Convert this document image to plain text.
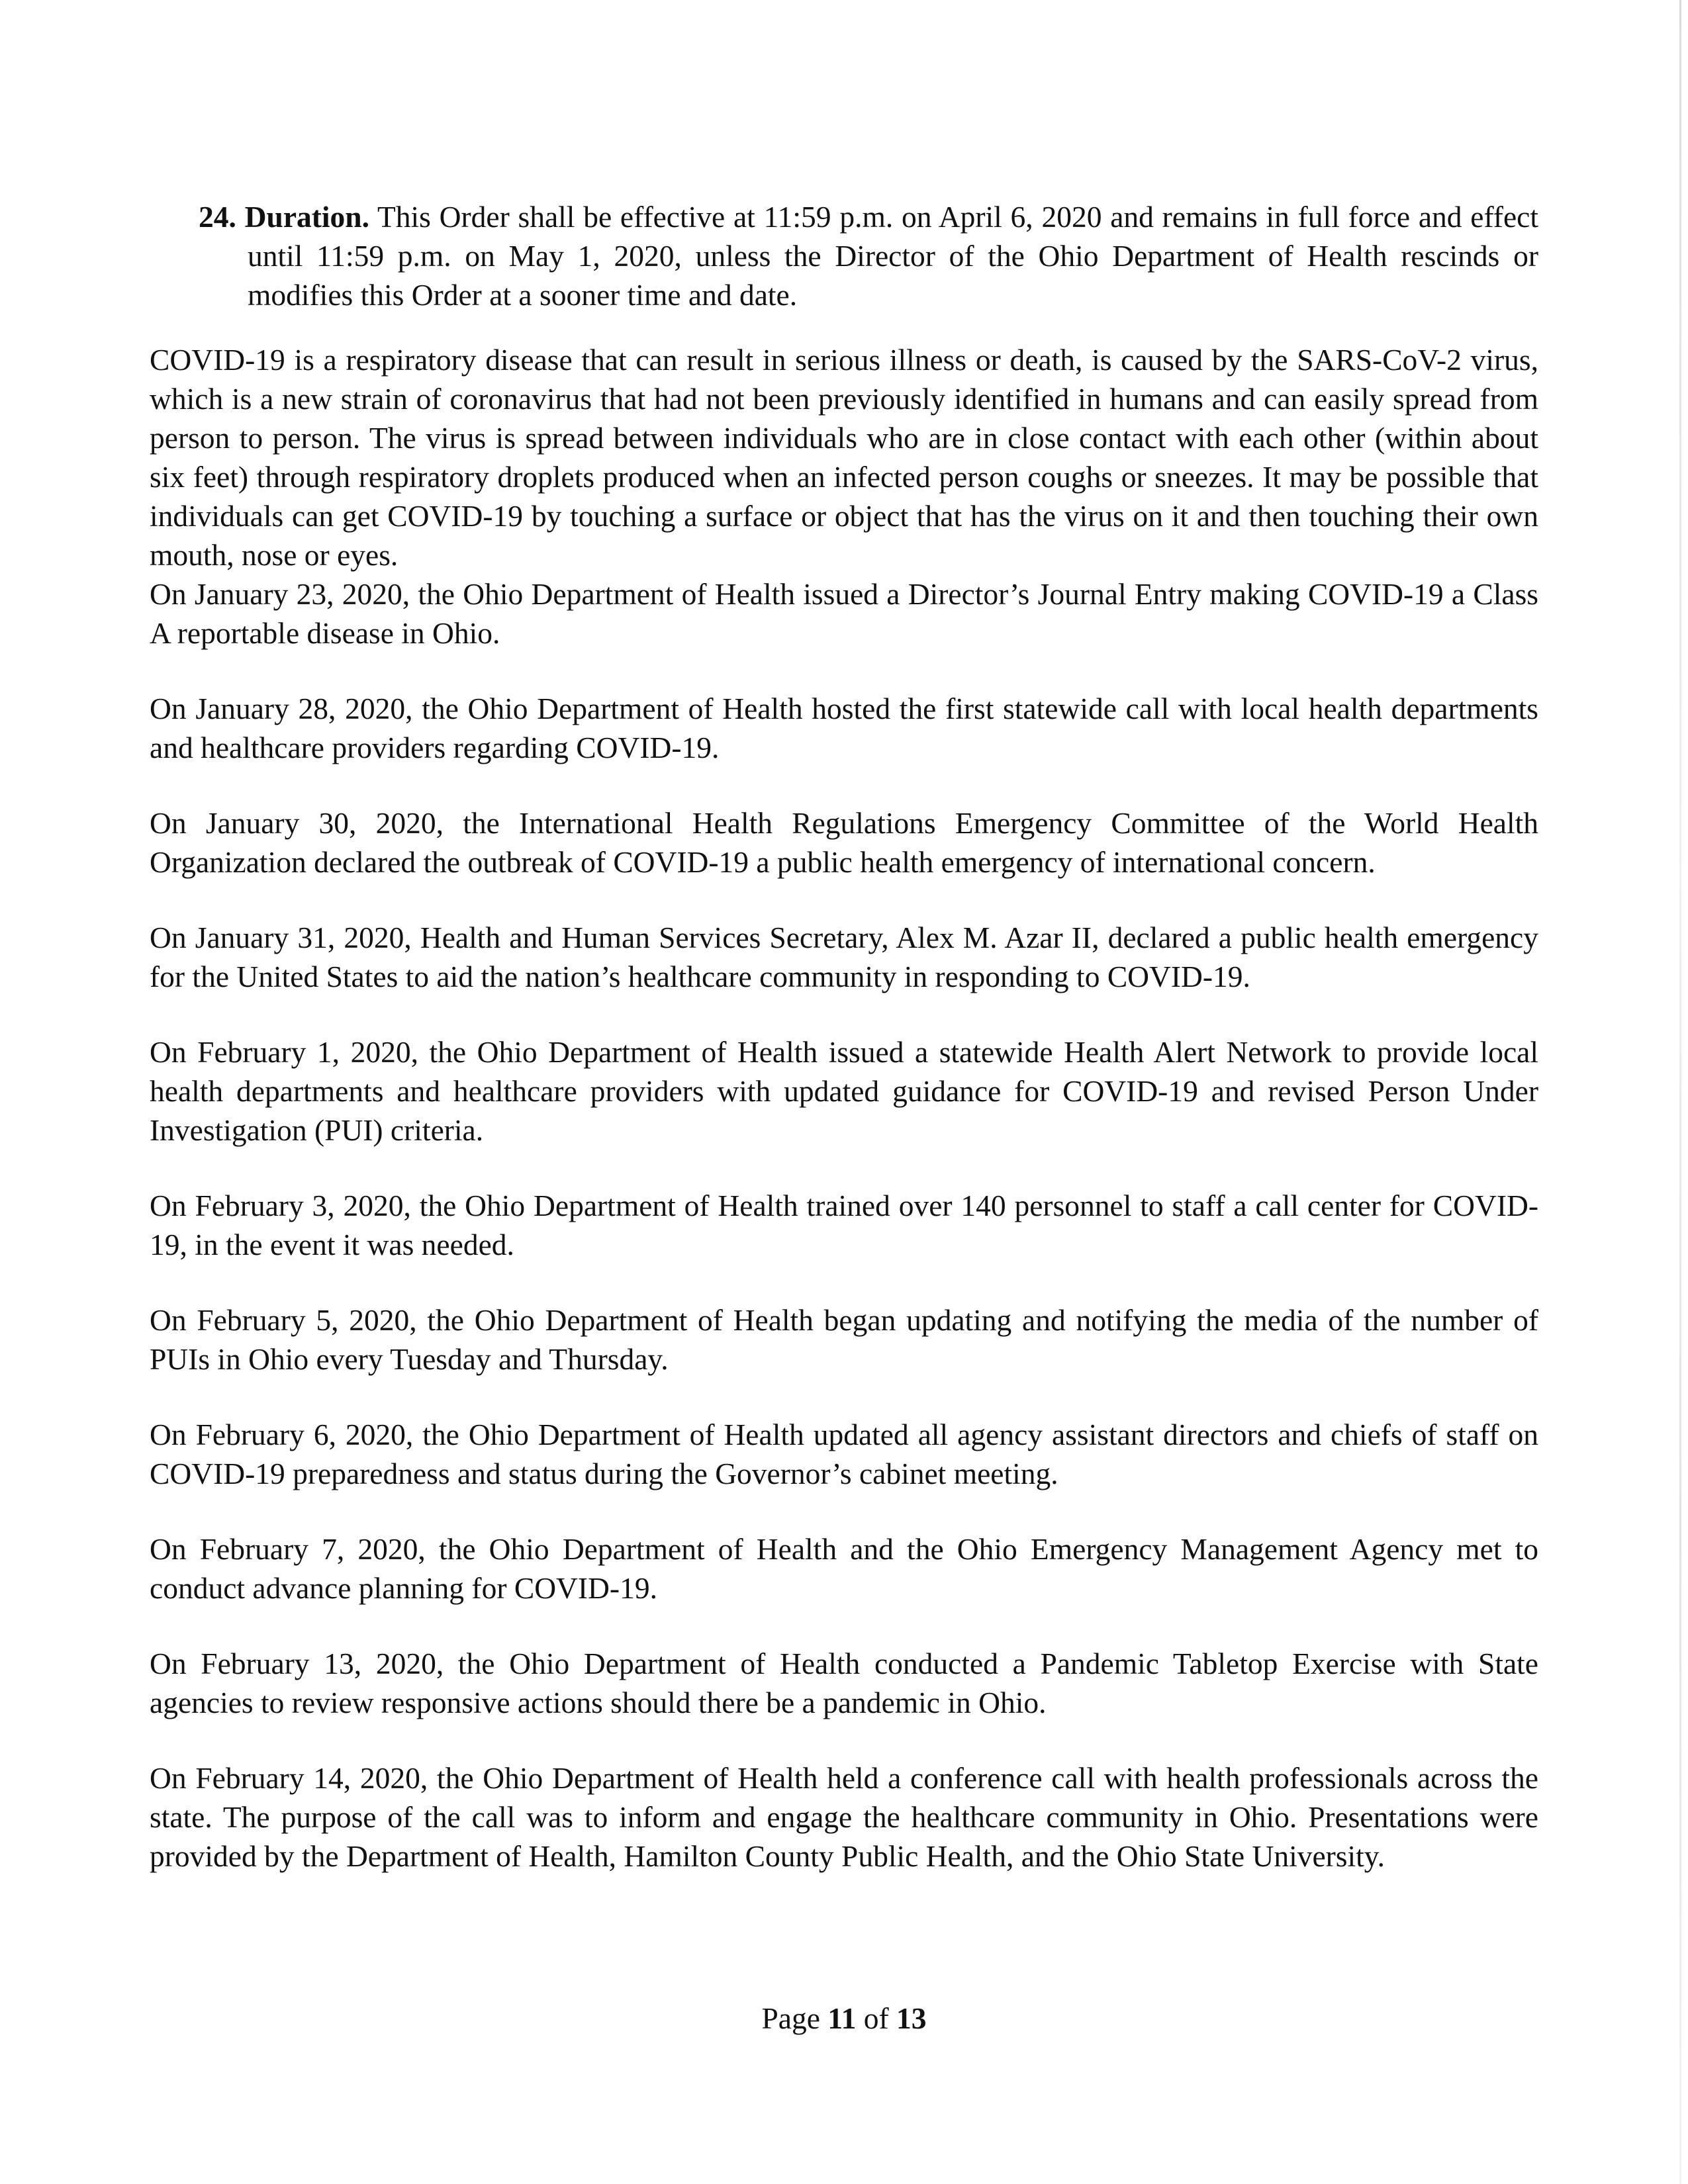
24. Duration. This Order shall be effective at 11:59 p.m. on April 6, 2020 and remains in full force and effect until 11:59 p.m. on May 1, 2020, unless the Director of the Ohio Department of Health rescinds or modifies this Order at a sooner time and date.

COVID-19 is a respiratory disease that can result in serious illness or death, is caused by the SARS-CoV-2 virus, which is a new strain of coronavirus that had not been previously identified in humans and can easily spread from person to person. The virus is spread between individuals who are in close contact with each other (within about six feet) through respiratory droplets produced when an infected person coughs or sneezes. It may be possible that individuals can get COVID-19 by touching a surface or object that has the virus on it and then touching their own mouth, nose or eyes.

On January 23, 2020, the Ohio Department of Health issued a Director’s Journal Entry making COVID-19 a Class A reportable disease in Ohio.

On January 28, 2020, the Ohio Department of Health hosted the first statewide call with local health departments and healthcare providers regarding COVID-19.

On January 30, 2020, the International Health Regulations Emergency Committee of the World Health Organization declared the outbreak of COVID-19 a public health emergency of international concern.

On January 31, 2020, Health and Human Services Secretary, Alex M. Azar II, declared a public health emergency for the United States to aid the nation’s healthcare community in responding to COVID-19.

On February 1, 2020, the Ohio Department of Health issued a statewide Health Alert Network to provide local health departments and healthcare providers with updated guidance for COVID-19 and revised Person Under Investigation (PUI) criteria.

On February 3, 2020, the Ohio Department of Health trained over 140 personnel to staff a call center for COVID-19, in the event it was needed.

On February 5, 2020, the Ohio Department of Health began updating and notifying the media of the number of PUIs in Ohio every Tuesday and Thursday.

On February 6, 2020, the Ohio Department of Health updated all agency assistant directors and chiefs of staff on COVID-19 preparedness and status during the Governor’s cabinet meeting.

On February 7, 2020, the Ohio Department of Health and the Ohio Emergency Management Agency met to conduct advance planning for COVID-19.

On February 13, 2020, the Ohio Department of Health conducted a Pandemic Tabletop Exercise with State agencies to review responsive actions should there be a pandemic in Ohio.

On February 14, 2020, the Ohio Department of Health held a conference call with health professionals across the state. The purpose of the call was to inform and engage the healthcare community in Ohio. Presentations were provided by the Department of Health, Hamilton County Public Health, and the Ohio State University.

Page 11 of 13
